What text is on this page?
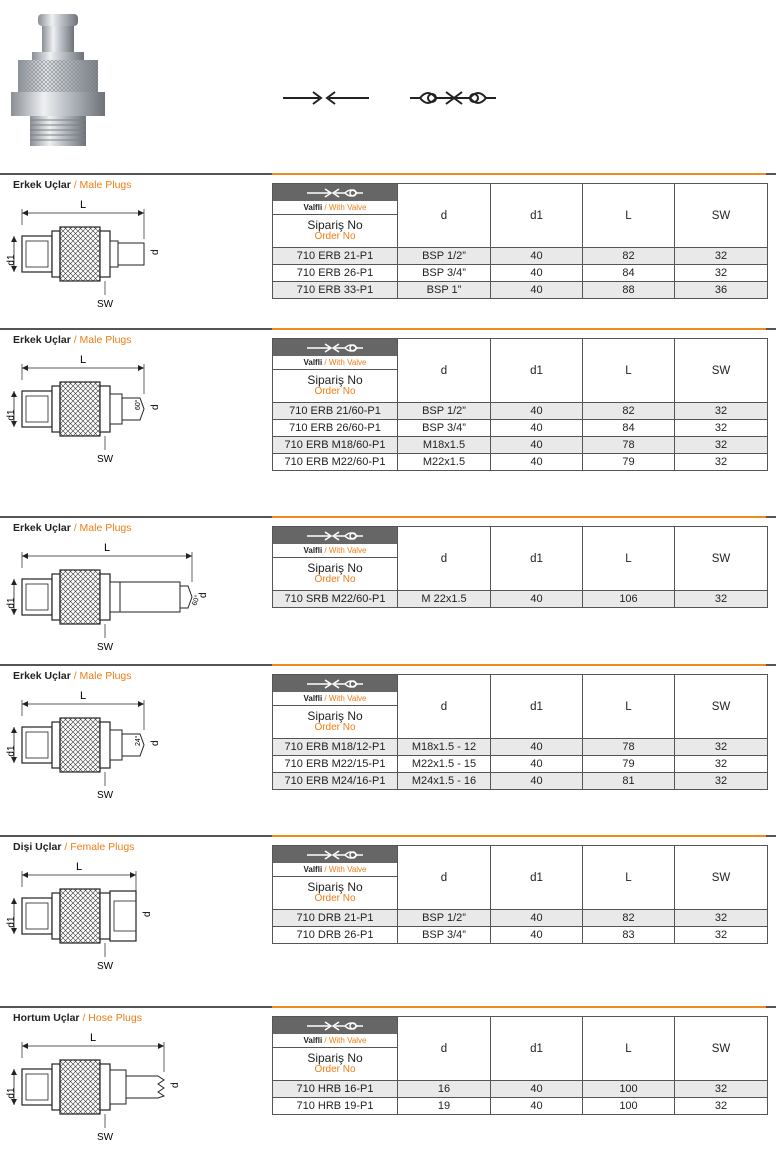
Erkek Uçlar / Male Plugs
L
d1
d
SW
Valfli / With Valve
Sipariş No
Order No	d	d1	L	SW
710 ERB 21-P1	BSP 1/2”	40	82	32
710 ERB 26-P1	BSP 3/4”	40	84	32
710 ERB 33-P1	BSP 1”	40	88	36
Erkek Uçlar / Male Plugs
L
d1
d
60°
SW
Valfli / With Valve
Sipariş No
Order No	d	d1	L	SW
710 ERB 21/60-P1	BSP 1/2”	40	82	32
710 ERB 26/60-P1	BSP 3/4”	40	84	32
710 ERB M18/60-P1	M18x1.5	40	78	32
710 ERB M22/60-P1	M22x1.5	40	79	32
Erkek Uçlar / Male Plugs
L
d1
d
60°
SW
Valfli / With Valve
Sipariş No
Order No	d	d1	L	SW
710 SRB M22/60-P1	M 22x1.5	40	106	32
Erkek Uçlar / Male Plugs
L
d1
d
24°
SW
Valfli / With Valve
Sipariş No
Order No	d	d1	L	SW
710 ERB M18/12-P1	M18x1.5 - 12	40	78	32
710 ERB M22/15-P1	M22x1.5 - 15	40	79	32
710 ERB M24/16-P1	M24x1.5 - 16	40	81	32
Dişi Uçlar / Female Plugs
L
d1
d
SW
Valfli / With Valve
Sipariş No
Order No	d	d1	L	SW
710 DRB 21-P1	BSP 1/2”	40	82	32
710 DRB 26-P1	BSP 3/4”	40	83	32
Hortum Uçlar / Hose Plugs
L
d1
d
SW
Valfli / With Valve
Sipariş No
Order No	d	d1	L	SW
710 HRB 16-P1	16	40	100	32
710 HRB 19-P1	19	40	100	32
